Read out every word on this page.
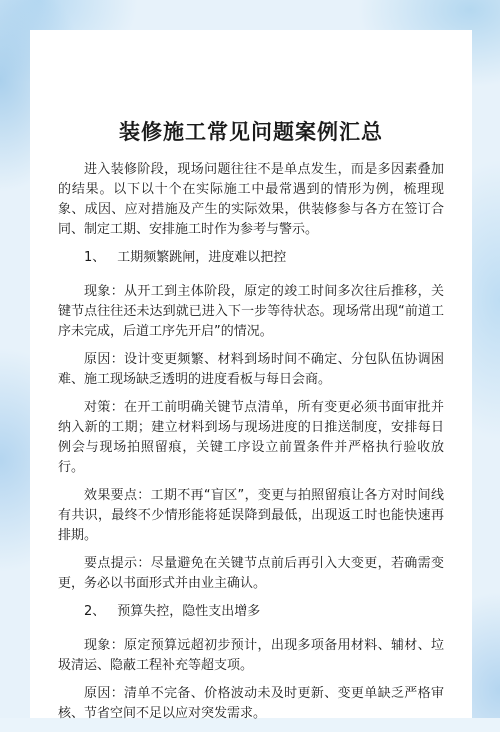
装修施工常见问题案例汇总

进入装修阶段，现场问题往往不是单点发生，而是多因素叠加的结果。以下以十个在实际施工中最常遇到的情形为例，梳理现象、成因、应对措施及产生的实际效果，供装修参与各方在签订合同、制定工期、安排施工时作为参考与警示。

1、 工期频繁跳闸，进度难以把控

现象：从开工到主体阶段，原定的竣工时间多次往后推移，关键节点往往还未达到就已进入下一步等待状态。现场常出现“前道工序未完成，后道工序先开启”的情况。

原因：设计变更频繁、材料到场时间不确定、分包队伍协调困难、施工现场缺乏透明的进度看板与每日会商。

对策：在开工前明确关键节点清单，所有变更必须书面审批并纳入新的工期；建立材料到场与现场进度的日推送制度，安排每日例会与现场拍照留痕，关键工序设立前置条件并严格执行验收放行。

效果要点：工期不再“盲区”，变更与拍照留痕让各方对时间线有共识，最终不少情形能将延误降到最低，出现返工时也能快速再排期。

要点提示：尽量避免在关键节点前后再引入大变更，若确需变更，务必以书面形式并由业主确认。

2、 预算失控，隐性支出增多

现象：原定预算远超初步预计，出现多项备用材料、辅材、垃圾清运、隐蔽工程补充等超支项。

原因：清单不完备、价格波动未及时更新、变更单缺乏严格审核、节省空间不足以应对突发需求。
